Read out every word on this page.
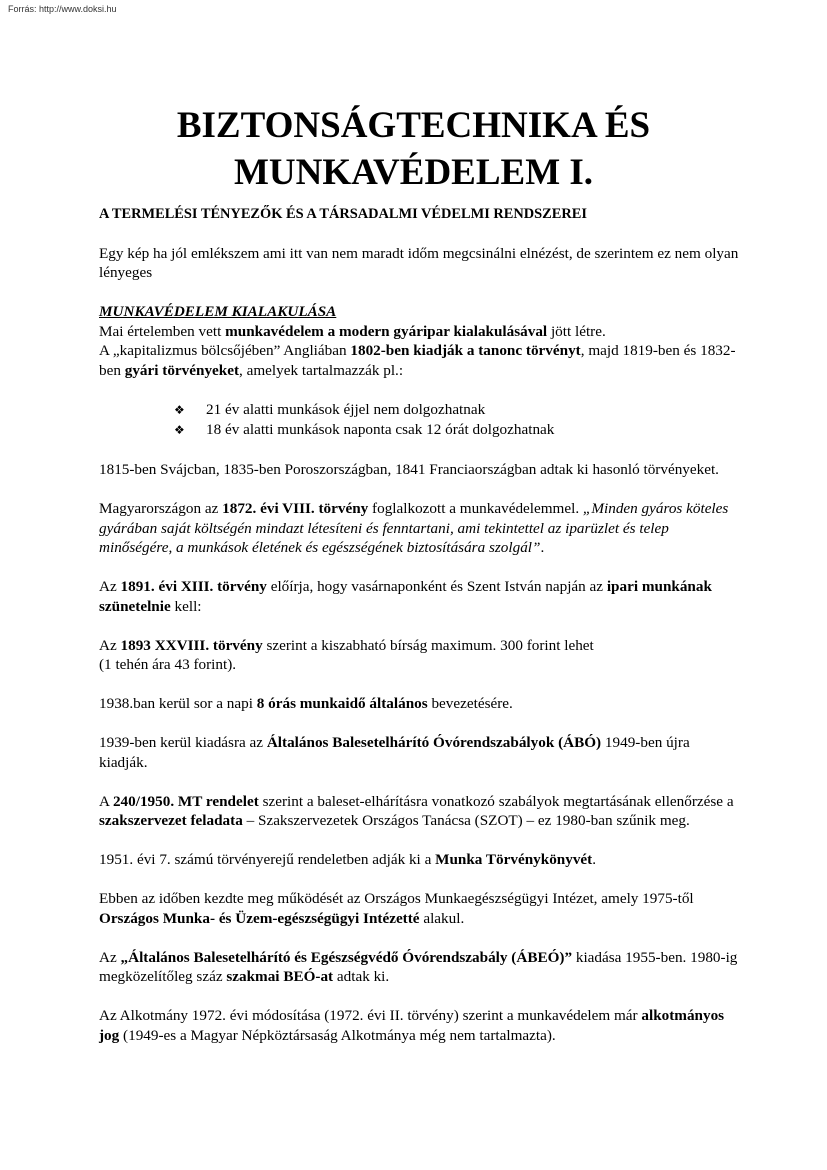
Forrás: http://www.doksi.hu
BIZTONSÁGTECHNIKA ÉS
MUNKAVÉDELEM I.

A TERMELÉSI TÉNYEZŐK ÉS A TÁRSADALMI VÉDELMI RENDSZEREI

Egy kép ha jól emlékszem ami itt van nem maradt időm megcsinálni elnézést, de szerintem ez nem olyan lényeges

MUNKAVÉDELEM KIALAKULÁSA

Mai értelemben vett munkavédelem a modern gyáripar kialakulásával jött létre.

A „kapitalizmus bölcsőjében” Angliában 1802-ben kiadják a tanonc törvényt, majd 1819-ben és 1832-ben gyári törvényeket, amelyek tartalmazzák pl.:

❖	21 év alatti munkások éjjel nem dolgozhatnak
❖	18 év alatti munkások naponta csak 12 órát dolgozhatnak

1815-ben Svájcban, 1835-ben Poroszországban, 1841 Franciaországban adtak ki hasonló törvényeket.

Magyarországon az 1872. évi VIII. törvény foglalkozott a munkavédelemmel. „Minden gyáros köteles gyárában saját költségén mindazt létesíteni és fenntartani, ami tekintettel az iparüzlet és telep minőségére, a munkások életének és egészségének biztosítására szolgál”.

Az 1891. évi XIII. törvény előírja, hogy vasárnaponként és Szent István napján az ipari munkának szünetelnie kell:

Az 1893 XXVIII. törvény szerint a kiszabható bírság maximum. 300 forint lehet
(1 tehén ára 43 forint).

1938.ban kerül sor a napi 8 órás munkaidő általános bevezetésére.

1939-ben kerül kiadásra az Általános Balesetelhárító Óvórendszabályok (ÁBÓ) 1949-ben újra kiadják.

A 240/1950. MT rendelet szerint a baleset-elhárításra vonatkozó szabályok megtartásának ellenőrzése a szakszervezet feladata – Szakszervezetek Országos Tanácsa (SZOT) – ez 1980-ban szűnik meg.

1951. évi 7. számú törvényerejű rendeletben adják ki a Munka Törvénykönyvét.

Ebben az időben kezdte meg működését az Országos Munkaegészségügyi Intézet, amely 1975-től Országos Munka- és Üzem-egészségügyi Intézetté alakul.

Az „Általános Balesetelhárító és Egészségvédő Óvórendszabály (ÁBEÓ)” kiadása 1955-ben. 1980-ig megközelítőleg száz szakmai BEÓ-at adtak ki.

Az Alkotmány 1972. évi módosítása (1972. évi II. törvény) szerint a munkavédelem már alkotmányos jog (1949-es a Magyar Népköztársaság Alkotmánya még nem tartalmazta).
